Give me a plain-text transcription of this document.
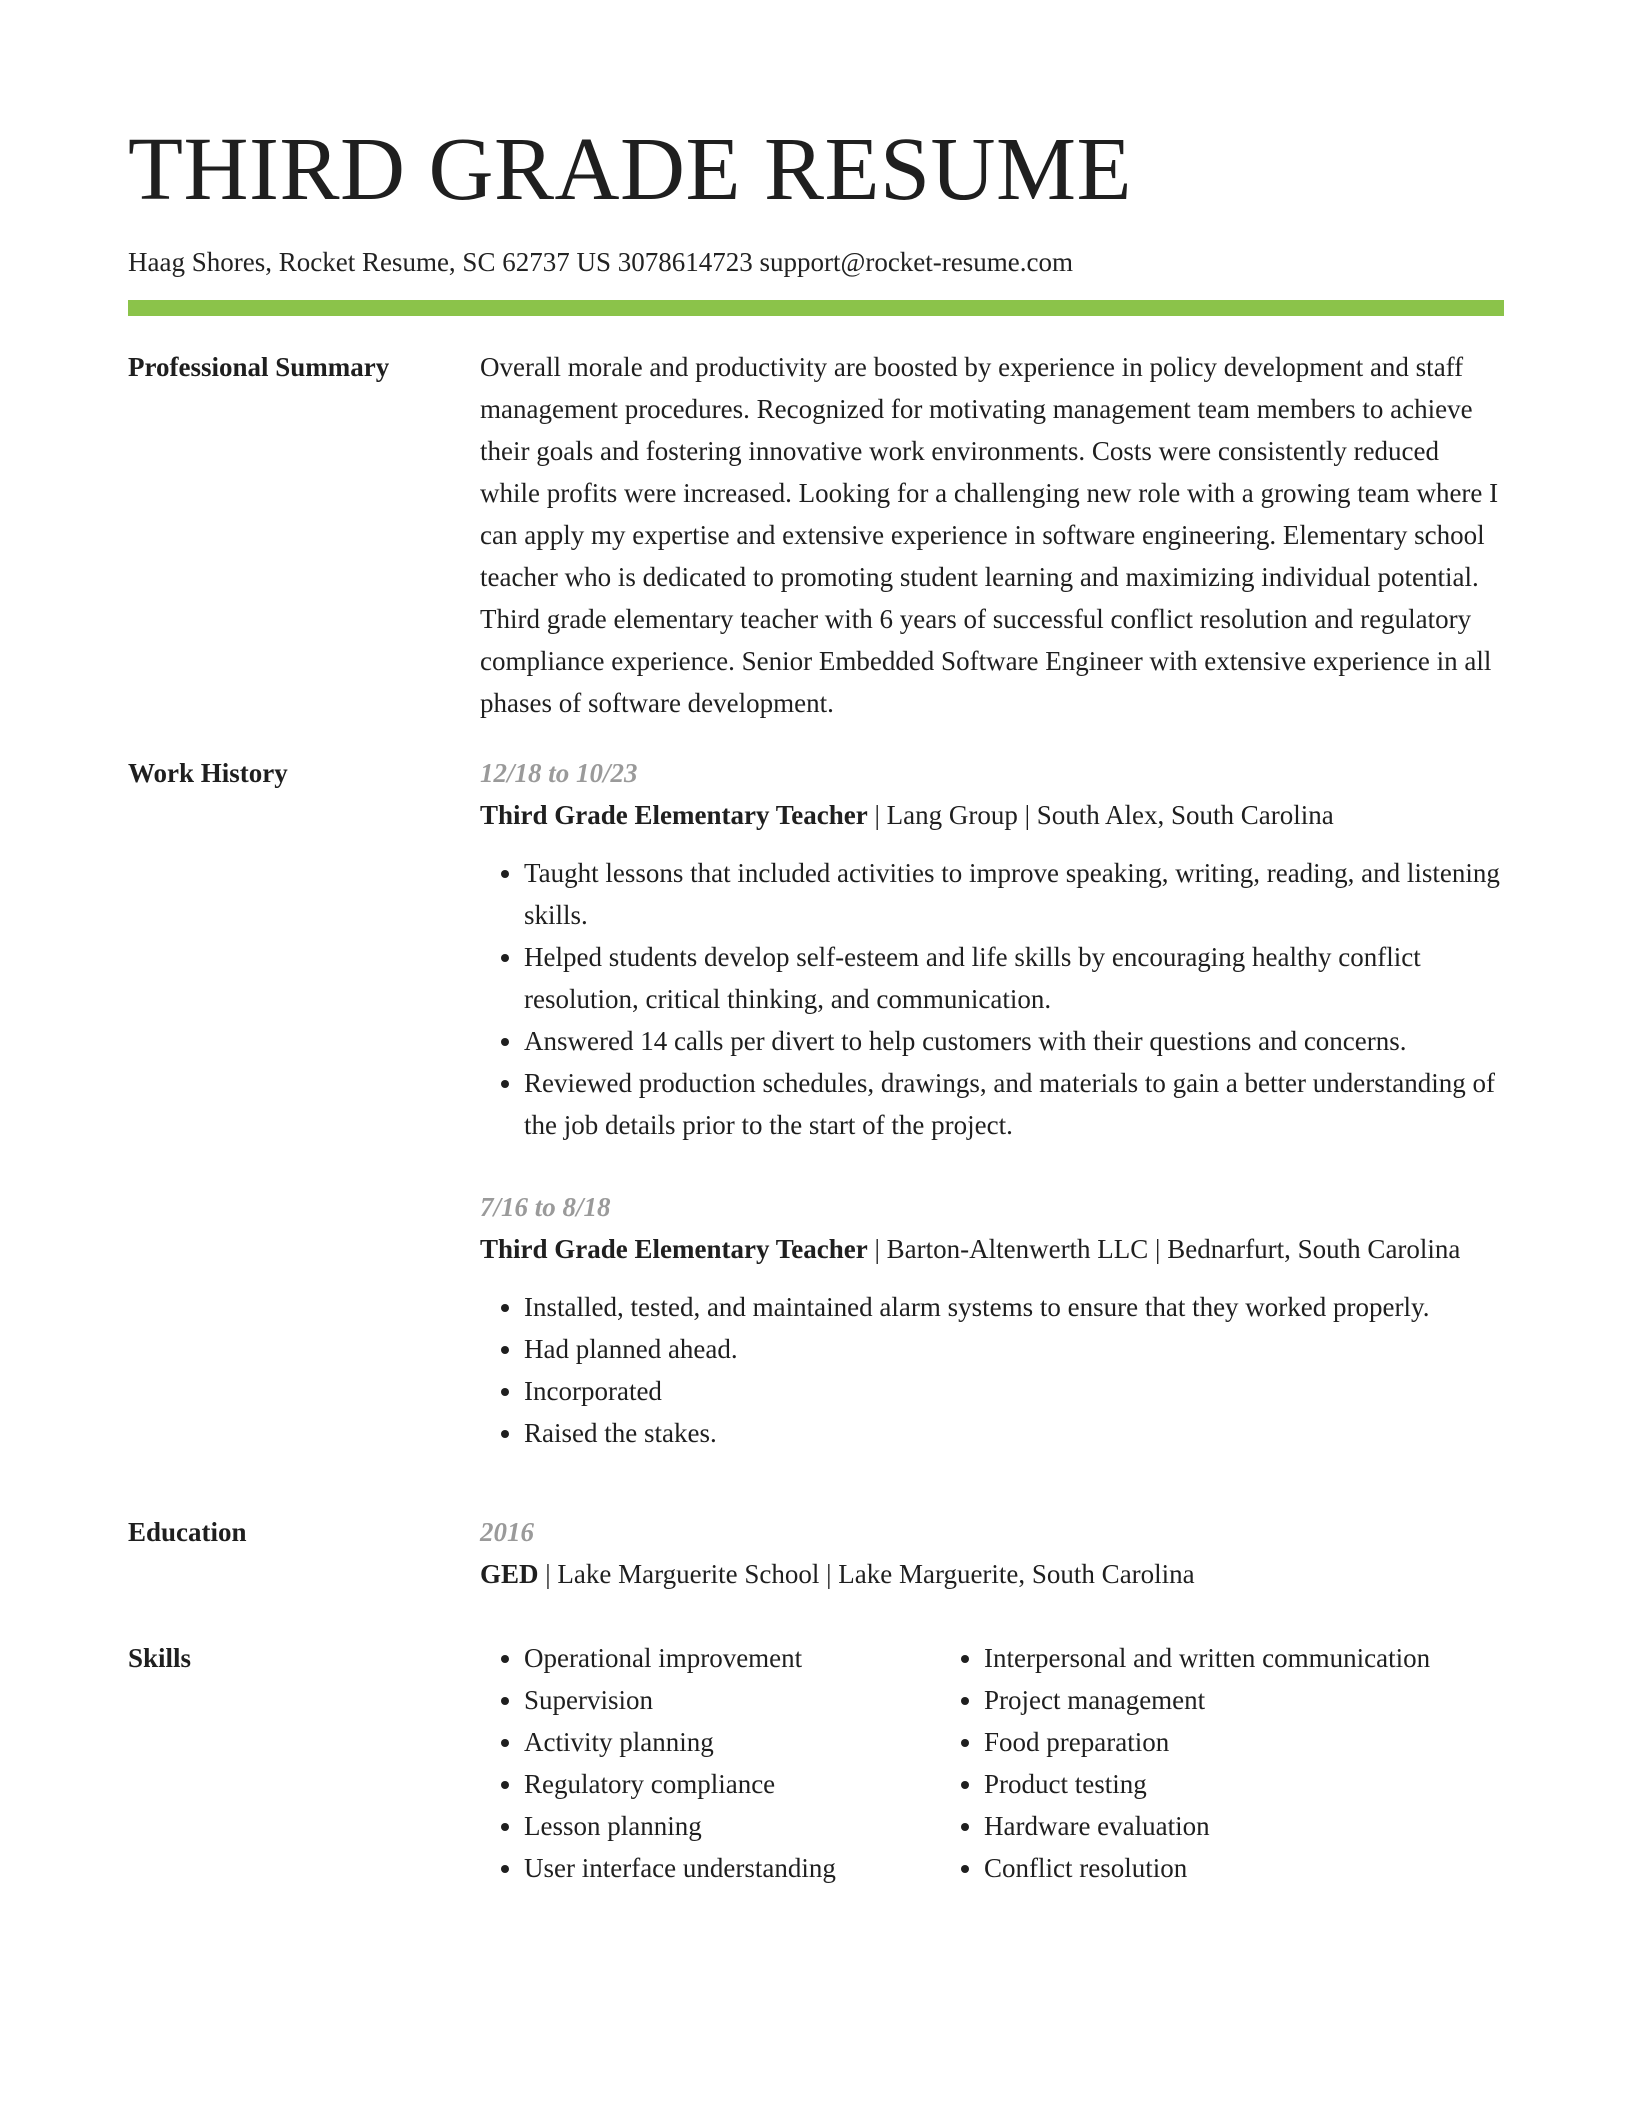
THIRD GRADE RESUME
Haag Shores, Rocket Resume, SC 62737 US 3078614723 support@rocket-resume.com
Professional Summary	Overall morale and productivity are boosted by experience in policy development and staff management procedures. Recognized for motivating management team members to achieve their goals and fostering innovative work environments. Costs were consistently reduced while profits were increased. Looking for a challenging new role with a growing team where I can apply my expertise and extensive experience in software engineering. Elementary school teacher who is dedicated to promoting student learning and maximizing individual potential. Third grade elementary teacher with 6 years of successful conflict resolution and regulatory compliance experience. Senior Embedded Software Engineer with extensive experience in all phases of software development.

Work History	12/18 to 10/23

Third Grade Elementary Teacher | Lang Group | South Alex, South Carolina

• Taught lessons that included activities to improve speaking, writing, reading, and listening skills.
• Helped students develop self-esteem and life skills by encouraging healthy conflict resolution, critical thinking, and communication.
• Answered 14 calls per divert to help customers with their questions and concerns.
• Reviewed production schedules, drawings, and materials to gain a better understanding of the job details prior to the start of the project.
7/16 to 8/18

Third Grade Elementary Teacher | Barton-Altenwerth LLC | Bednarfurt, South Carolina

• Installed, tested, and maintained alarm systems to ensure that they worked properly.
• Had planned ahead.
• Incorporated
• Raised the stakes.
Education	2016

GED | Lake Marguerite School | Lake Marguerite, South Carolina

Skills
•	Operational improvement
• Supervision
• Activity planning
• Regulatory compliance
• Lesson planning
• User interface understanding
• Interpersonal and written communication
• Project management
• Food preparation
• Product testing
• Hardware evaluation
• Conflict resolution
